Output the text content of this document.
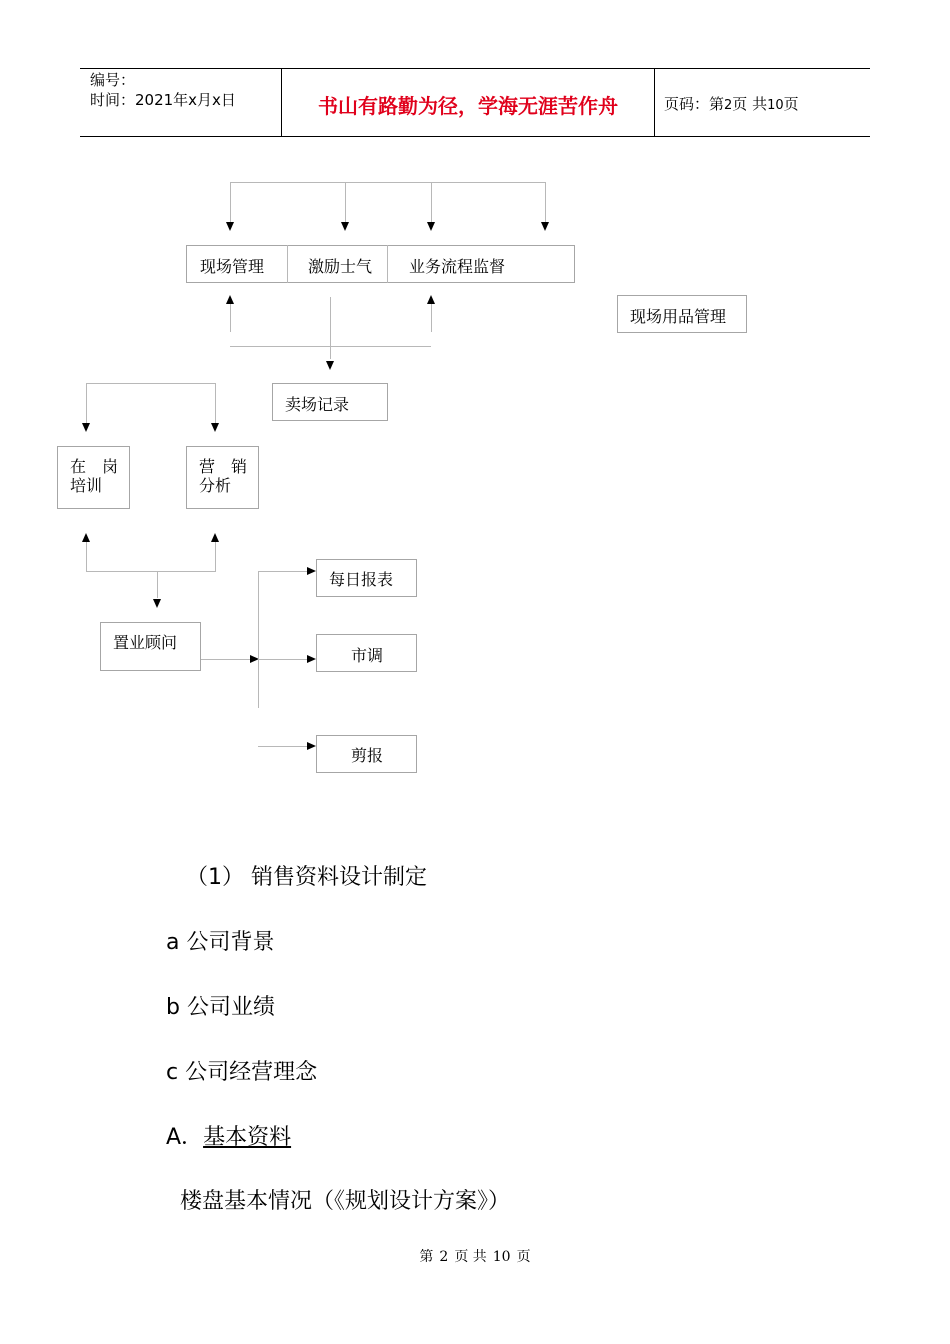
编号：
时间：2021年x月x日	书山有路勤为径，学海无涯苦作舟	页码：第2页 共10页
现场管理	激励士气 业务流程监督
现场用品管理
卖场记录
在　岗
培训
营　销
分析
置业顾问
每日报表
市调
剪报
（1） 销售资料设计制定
a 公司背景
b 公司业绩
c 公司经营理念
A．基本资料
楼盘基本情况（《规划设计方案》）
第 2 页 共 10 页
